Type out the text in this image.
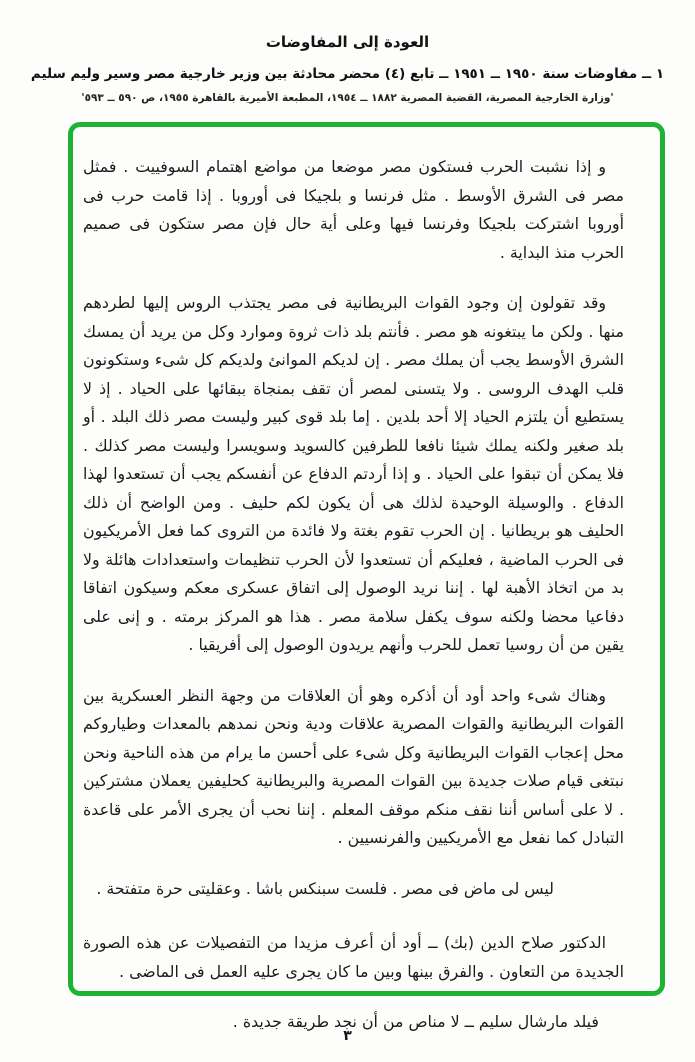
العودة إلى المفاوضات
١ ــ مفاوضات سنة ١٩٥٠ ــ ١٩٥١ ــ تابع (٤) محضر محادثة بين وزير خارجية مصر وسير وليم سليم
'وزارة الخارجية المصرية، القضية المصرية ١٨٨٢ ــ ١٩٥٤، المطبعة الأميرية بالقاهرة ١٩٥٥، ص ٥٩٠ ــ ٥٩٣'

و إذا نشبت الحرب فستكون مصر موضعا من مواضع اهتمام السوفييت . فمثل مصر فى الشرق الأوسط . مثل فرنسا و بلجيكا فى أوروبا . إذا قامت حرب فى أوروبا اشتركت بلجيكا وفرنسا فيها وعلى أية حال فإن مصر ستكون فى صميم الحرب منذ البداية .

وقد تقولون إن وجود القوات البريطانية فى مصر يجتذب الروس إليها لطردهم منها . ولكن ما يبتغونه هو مصر . فأنتم بلد ذات ثروة وموارد وكل من يريد أن يمسك الشرق الأوسط يجب أن يملك مصر . إن لديكم الموانئ ولديكم كل شىء وستكونون قلب الهدف الروسى . ولا يتسنى لمصر أن تقف بمنجاة ببقائها على الحياد . إذ لا يستطيع أن يلتزم الحياد إلا أحد بلدين . إما بلد قوى كبير وليست مصر ذلك البلد . أو بلد صغير ولكنه يملك شيئا نافعا للطرفين كالسويد وسويسرا وليست مصر كذلك . فلا يمكن أن تبقوا على الحياد . و إذا أردتم الدفاع عن أنفسكم يجب أن تستعدوا لهذا الدفاع . والوسيلة الوحيدة لذلك هى أن يكون لكم حليف . ومن الواضح أن ذلك الحليف هو بريطانيا . إن الحرب تقوم بغتة ولا فائدة من التروى كما فعل الأمريكيون فى الحرب الماضية ، فعليكم أن تستعدوا لأن الحرب تنظيمات واستعدادات هائلة ولا بد من اتخاذ الأهبة لها . إننا نريد الوصول إلى اتفاق عسكرى معكم وسيكون اتفاقا دفاعيا محضا ولكنه سوف يكفل سلامة مصر . هذا هو المركز برمته . و إنى على يقين من أن روسيا تعمل للحرب وأنهم يريدون الوصول إلى أفريقيا .

وهناك شىء واحد أود أن أذكره وهو أن العلاقات من وجهة النظر العسكرية بين القوات البريطانية والقوات المصرية علاقات ودية ونحن نمدهم بالمعدات وطياروكم محل إعجاب القوات البريطانية وكل شىء على أحسن ما يرام من هذه الناحية ونحن نبتغى قيام صلات جديدة بين القوات المصرية والبريطانية كحليفين يعملان مشتركين . لا على أساس أننا نقف منكم موقف المعلم . إننا نحب أن يجرى الأمر على قاعدة التبادل كما نفعل مع الأمريكيين والفرنسيين .

ليس لى ماض فى مصر . فلست سبنكس باشا . وعقليتى حرة متفتحة .

الدكتور صلاح الدين (بك) ــ أود أن أعرف مزيدا من التفصيلات عن هذه الصورة الجديدة من التعاون . والفرق بينها وبين ما كان يجرى عليه العمل فى الماضى .

فيلد مارشال سليم ــ لا مناص من أن نجد طريقة جديدة .

٣
